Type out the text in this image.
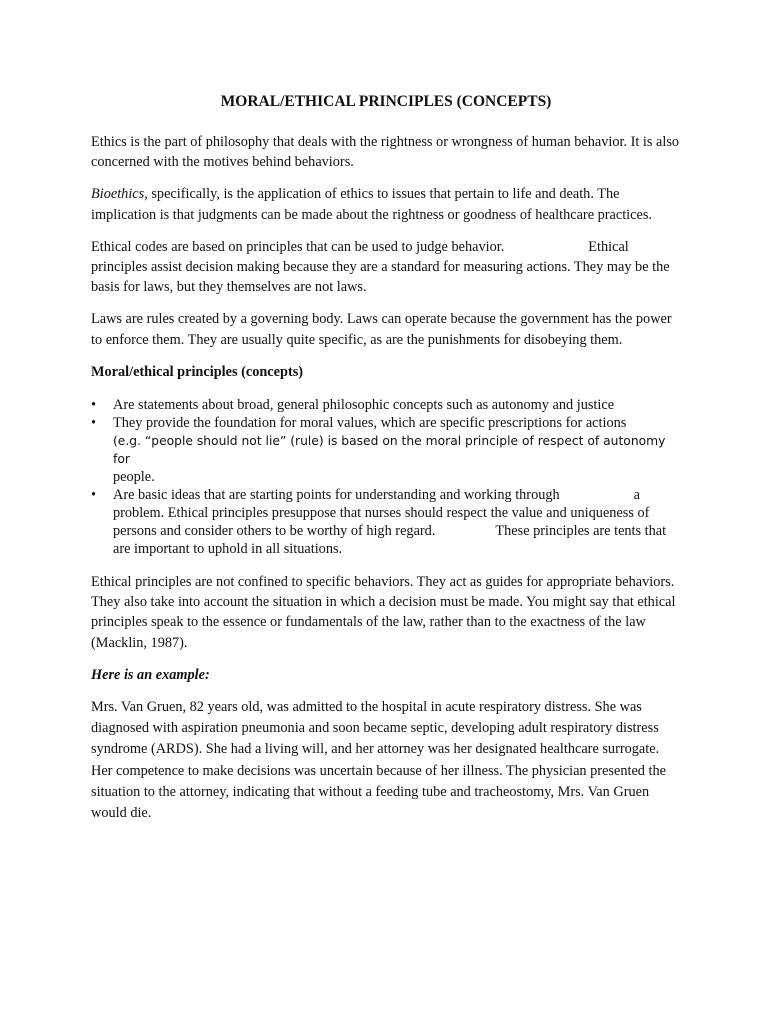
MORAL/ETHICAL PRINCIPLES (CONCEPTS)

Ethics is the part of philosophy that deals with the rightness or wrongness of human behavior. It is also concerned with the motives behind behaviors.

Bioethics, specifically, is the application of ethics to issues that pertain to life and death. The implication is that judgments can be made about the rightness or goodness of healthcare practices.

Ethical codes are based on principles that can be used to judge behavior.	Ethical principles assist decision making because they are a standard for measuring actions. They may be the basis for laws, but they themselves are not laws.

Laws are rules created by a governing body. Laws can operate because the government has the power to enforce them. They are usually quite specific, as are the punishments for disobeying them.

Moral/ethical principles (concepts)

• Are statements about broad, general philosophic concepts such as autonomy and justice
• They provide the foundation for moral values, which are specific prescriptions for actions
(e.g. “people should not lie” (rule) is based on the moral principle of respect of autonomy for
people.
• Are basic ideas that are starting points for understanding and working through	a problem. Ethical principles presuppose that nurses should respect the value and uniqueness of persons and consider others to be worthy of high regard.	These principles are tents that are important to uphold in all situations.

Ethical principles are not confined to specific behaviors. They act as guides for appropriate behaviors. They also take into account the situation in which a decision must be made. You might say that ethical principles speak to the essence or fundamentals of the law, rather than to the exactness of the law (Macklin, 1987).

Here is an example:

Mrs. Van Gruen, 82 years old, was admitted to the hospital in acute respiratory distress. She was diagnosed with aspiration pneumonia and soon became septic, developing adult respiratory distress syndrome (ARDS). She had a living will, and her attorney was her designated healthcare surrogate. Her competence to make decisions was uncertain because of her illness. The physician presented the situation to the attorney, indicating that without a feeding tube and tracheostomy, Mrs. Van Gruen would die.
